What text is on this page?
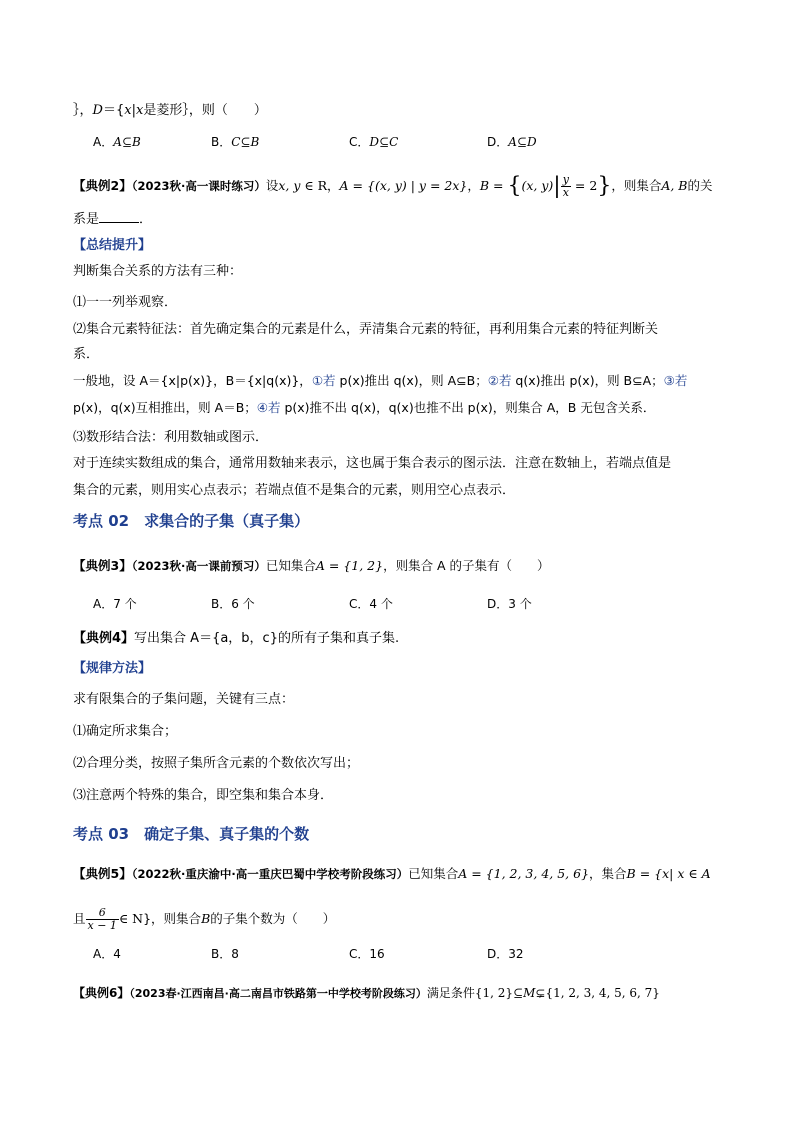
｝，D＝{x|x是菱形｝，则（　　）
A．A⊆B	B．C⊆B	C．D⊆C	D．A⊆D
【典例2】（2023秋·高一课时练习）设x, y ∈ R，A = {(x, y) | y = 2x}，B = {(x, $y)| \frac{y}{x} = 2$}，则集合A, B的关
系是	．
【总结提升】
判断集合关系的方法有三种：
⑴一一列举观察．
⑵集合元素特征法：首先确定集合的元素是什么，弄清集合元素的特征，再利用集合元素的特征判断关
系．
一般地，设 A＝{x|p(x)}，B＝{x|q(x)}，①若 p(x)推出 q(x)，则 A⊆B；②若 q(x)推出 p(x)，则 B⊆A；③若
p(x)，q(x)互相推出，则 A＝B；④若 p(x)推不出 q(x)，q(x)也推不出 p(x)，则集合 A，B 无包含关系．
⑶数形结合法：利用数轴或图示．
对于连续实数组成的集合，通常用数轴来表示，这也属于集合表示的图示法．注意在数轴上，若端点值是
集合的元素，则用实心点表示；若端点值不是集合的元素，则用空心点表示．
考点 02　求集合的子集（真子集）
【典例3】（2023秋·高一课前预习）已知集合A = {1, 2}，则集合 A 的子集有（　　）
A．7 个	B．6 个	C．4 个	D．3 个
【典例4】写出集合 A＝{a，b，c}的所有子集和真子集.
【规律方法】
求有限集合的子集问题，关键有三点：
⑴确定所求集合；
⑵合理分类，按照子集所含元素的个数依次写出；
⑶注意两个特殊的集合，即空集和集合本身．
考点 03　确定子集、真子集的个数
【典例5】（2022秋·重庆渝中·高一重庆巴蜀中学校考阶段练习）已知集合A = {1, 2, 3, 4, 5, 6}，集合B = {x| x ∈ A
且 $\frac{6}{x - 1}$ ∈ N}，则集合B的子集个数为（　　）
A．4	B．8	C．16	D．32
【典例6】（2023春·江西南昌·高二南昌市铁路第一中学校考阶段练习）满足条件{1, 2}⊆M⊊{1, 2, 3, 4, 5, 6, 7}
